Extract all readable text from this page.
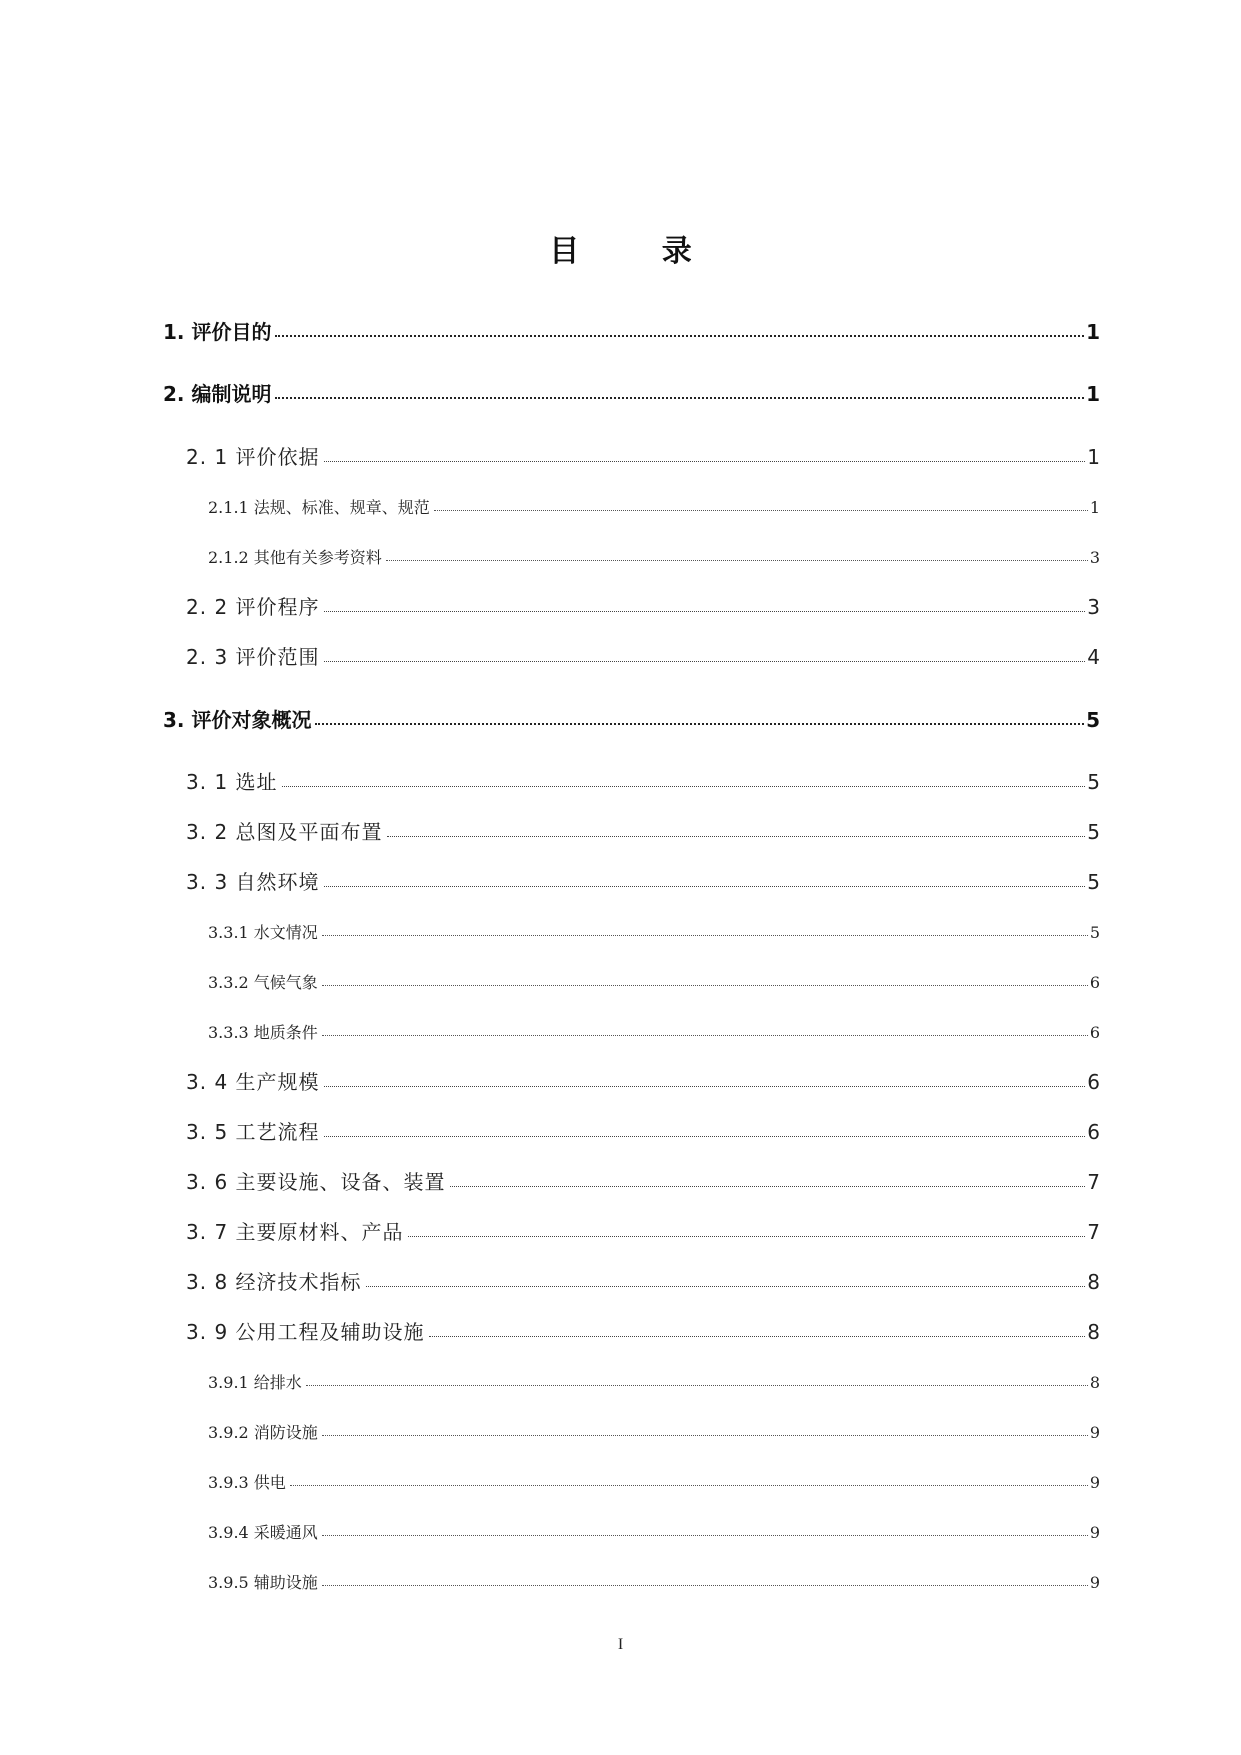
目 录
1. 评价目的	1
2. 编制说明	1
2. 1 评价依据	1
2.1.1 法规、标准、规章、规范	1
2.1.2 其他有关参考资料	3
2. 2 评价程序	3
2. 3 评价范围	4
3. 评价对象概况	5
3. 1 选址	5
3. 2 总图及平面布置	5
3. 3 自然环境	5
3.3.1 水文情况	5
3.3.2 气候气象	6
3.3.3 地质条件	6
3. 4 生产规模	6
3. 5 工艺流程	6
3. 6 主要设施、设备、装置	7
3. 7 主要原材料、产品	7
3. 8 经济技术指标	8
3. 9 公用工程及辅助设施	8
3.9.1 给排水	8
3.9.2 消防设施	9
3.9.3 供电	9
3.9.4 采暖通风	9
3.9.5 辅助设施	9
I
